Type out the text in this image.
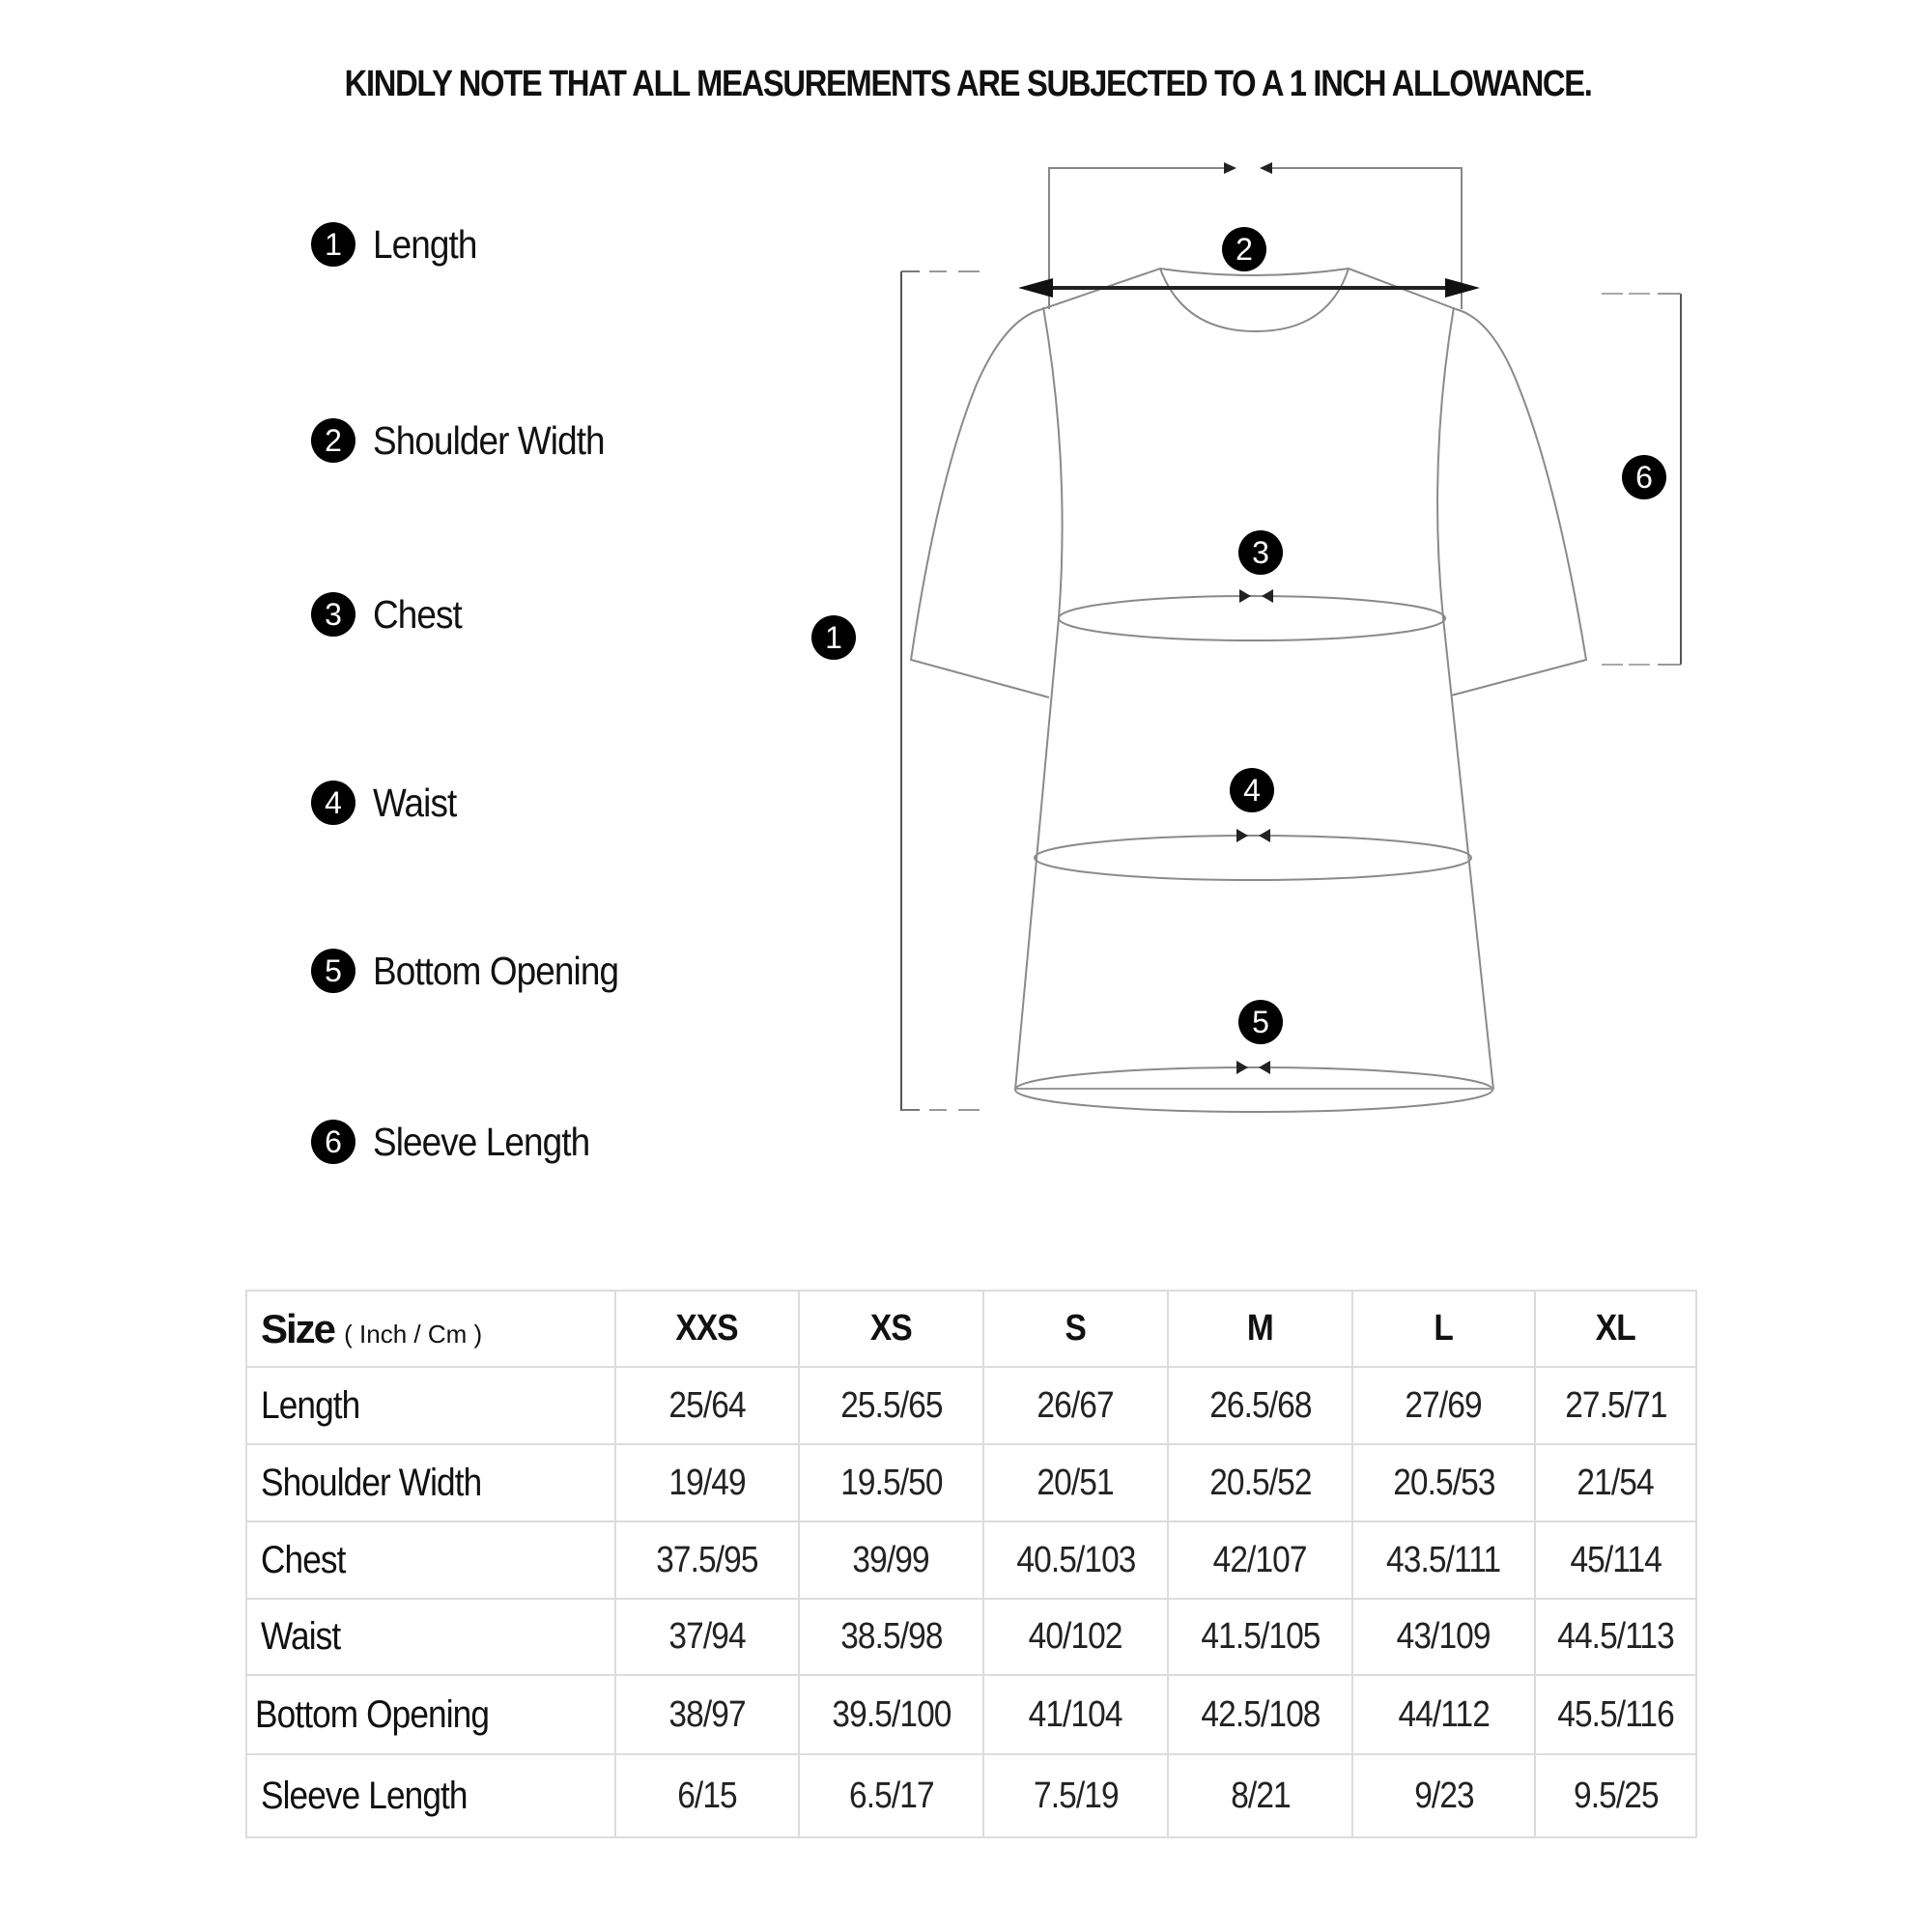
KINDLY NOTE THAT ALL MEASUREMENTS ARE SUBJECTED TO A 1 INCH ALLOWANCE.
1 Length
2 Shoulder Width
3 Chest
4 Waist
5 Bottom Opening
6 Sleeve Length
1
2
3
4
5
6
Size ( Inch / Cm )	XXS	XS	S	M	L	XL
Length	25/64	25.5/65	26/67	26.5/68	27/69	27.5/71
Shoulder Width	19/49	19.5/50	20/51	20.5/52	20.5/53	21/54
Chest	37.5/95	39/99	40.5/103	42/107	43.5/111	45/114
Waist	37/94	38.5/98	40/102	41.5/105	43/109	44.5/113
Bottom Opening	38/97	39.5/100	41/104	42.5/108	44/112	45.5/116
Sleeve Length	6/15	6.5/17	7.5/19	8/21	9/23	9.5/25
